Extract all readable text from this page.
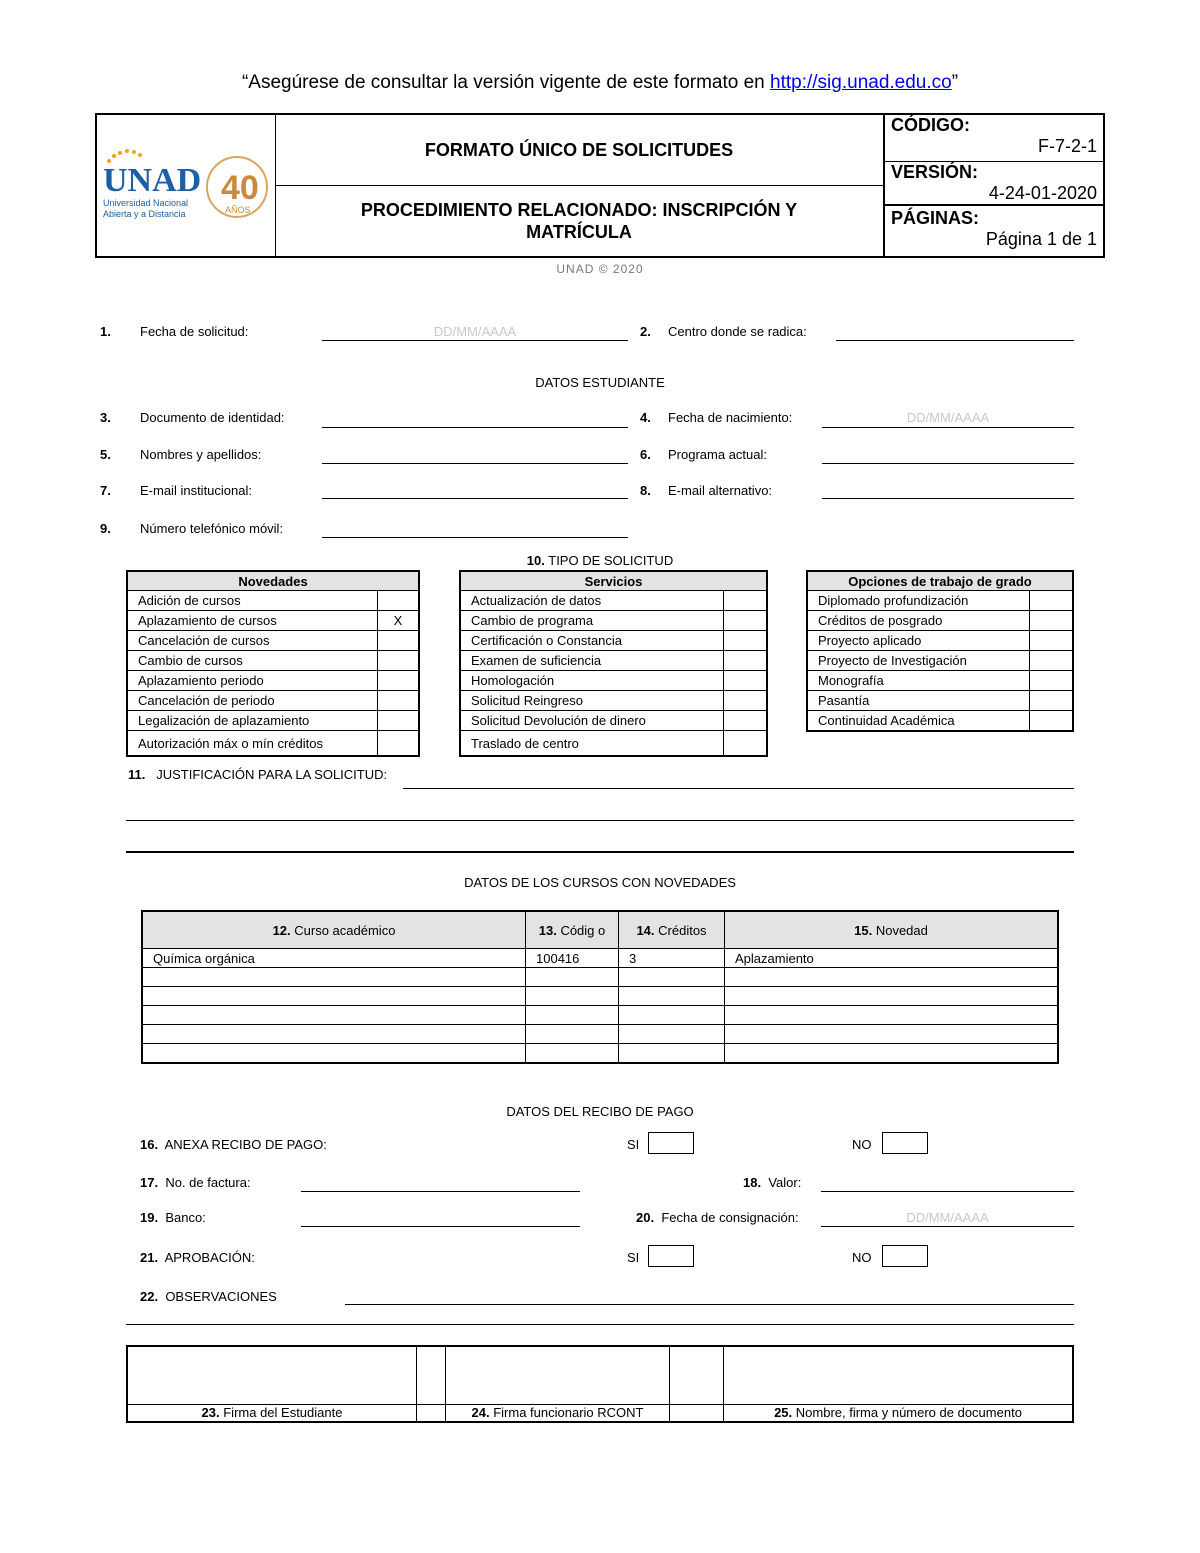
“Asegúrese de consultar la versión vigente de este formato en http://sig.unad.edu.co”
UNAD
Universidad Nacional
Abierta y a Distancia
40
AÑOS
FORMATO ÚNICO DE SOLICITUDES
PROCEDIMIENTO RELACIONADO: INSCRIPCIÓN Y MATRÍCULA
CÓDIGO:
F-7-2-1
VERSIÓN:
4-24-01-2020
PÁGINAS:
Página 1 de 1
UNAD © 2020
1. Fecha de solicitud:	DD/MM/AAAA	2. Centro donde se radica:
DATOS ESTUDIANTE
3. Documento de identidad:	4. Fecha de nacimiento:	DD/MM/AAAA
5. Nombres y apellidos:	6. Programa actual:
7. E-mail institucional:	8. E-mail alternativo:
9. Número telefónico móvil:
10. TIPO DE SOLICITUD
Novedades	
Adición de cursos	
Aplazamiento de cursos	X
Cancelación de cursos	
Cambio de cursos	
Aplazamiento periodo	
Cancelación de periodo	
Legalización de aplazamiento	
Autorización máx o mín créditos	
Servicios	
Actualización de datos	
Cambio de programa	
Certificación o Constancia	
Examen de suficiencia	
Homologación	
Solicitud Reingreso	
Solicitud Devolución de dinero	
Traslado de centro	
Opciones de trabajo de grado	
Diplomado profundización	
Créditos de posgrado	
Proyecto aplicado	
Proyecto de Investigación	
Monografía	
Pasantía	
Continuidad Académica	
11. JUSTIFICACIÓN PARA LA SOLICITUD:
DATOS DE LOS CURSOS CON NOVEDADES
12. Curso académico	13. Códig o	14. Créditos	15. Novedad
Química orgánica	100416	3	Aplazamiento

DATOS DEL RECIBO DE PAGO
16. ANEXA RECIBO DE PAGO:	SI	NO
17. No. de factura:	18. Valor:
19. Banco:	20. Fecha de consignación:	DD/MM/AAAA
21. APROBACIÓN:	SI	NO
22. OBSERVACIONES

23. Firma del Estudiante		24. Firma funcionario RCONT		25. Nombre, firma y número de documento
